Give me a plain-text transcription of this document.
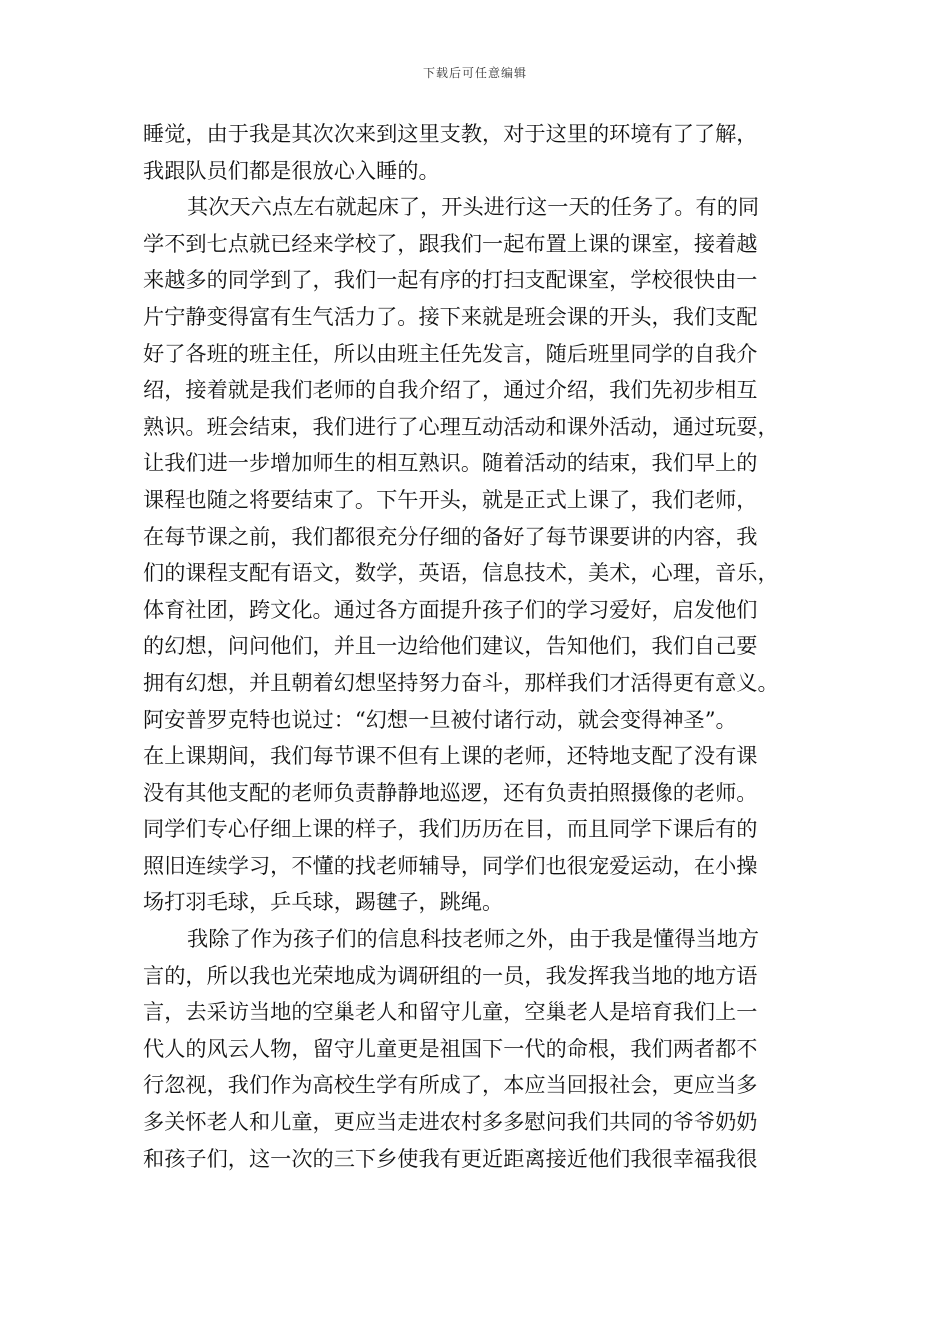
下载后可任意编辑
睡觉，由于我是其次次来到这里支教，对于这里的环境有了了解，
我跟队员们都是很放心入睡的。
其次天六点左右就起床了，开头进行这一天的任务了。有的同
学不到七点就已经来学校了，跟我们一起布置上课的课室，接着越
来越多的同学到了，我们一起有序的打扫支配课室，学校很快由一
片宁静变得富有生气活力了。接下来就是班会课的开头，我们支配
好了各班的班主任，所以由班主任先发言，随后班里同学的自我介
绍，接着就是我们老师的自我介绍了，通过介绍，我们先初步相互
熟识。班会结束，我们进行了心理互动活动和课外活动，通过玩耍，
让我们进一步增加师生的相互熟识。随着活动的结束，我们早上的
课程也随之将要结束了。下午开头，就是正式上课了，我们老师，
在每节课之前，我们都很充分仔细的备好了每节课要讲的内容，我
们的课程支配有语文，数学，英语，信息技术，美术，心理，音乐，
体育社团，跨文化。通过各方面提升孩子们的学习爱好，启发他们
的幻想，问问他们，并且一边给他们建议，告知他们，我们自己要
拥有幻想，并且朝着幻想坚持努力奋斗，那样我们才活得更有意义。
阿安普罗克特也说过：“幻想一旦被付诸行动，就会变得神圣”。
在上课期间，我们每节课不但有上课的老师，还特地支配了没有课
没有其他支配的老师负责静静地巡逻，还有负责拍照摄像的老师。
同学们专心仔细上课的样子，我们历历在目，而且同学下课后有的
照旧连续学习，不懂的找老师辅导，同学们也很宠爱运动，在小操
场打羽毛球，乒乓球，踢毽子，跳绳。
我除了作为孩子们的信息科技老师之外，由于我是懂得当地方
言的，所以我也光荣地成为调研组的一员，我发挥我当地的地方语
言，去采访当地的空巢老人和留守儿童，空巢老人是培育我们上一
代人的风云人物，留守儿童更是祖国下一代的命根，我们两者都不
行忽视，我们作为高校生学有所成了，本应当回报社会，更应当多
多关怀老人和儿童，更应当走进农村多多慰问我们共同的爷爷奶奶
和孩子们，这一次的三下乡使我有更近距离接近他们我很幸福我很
